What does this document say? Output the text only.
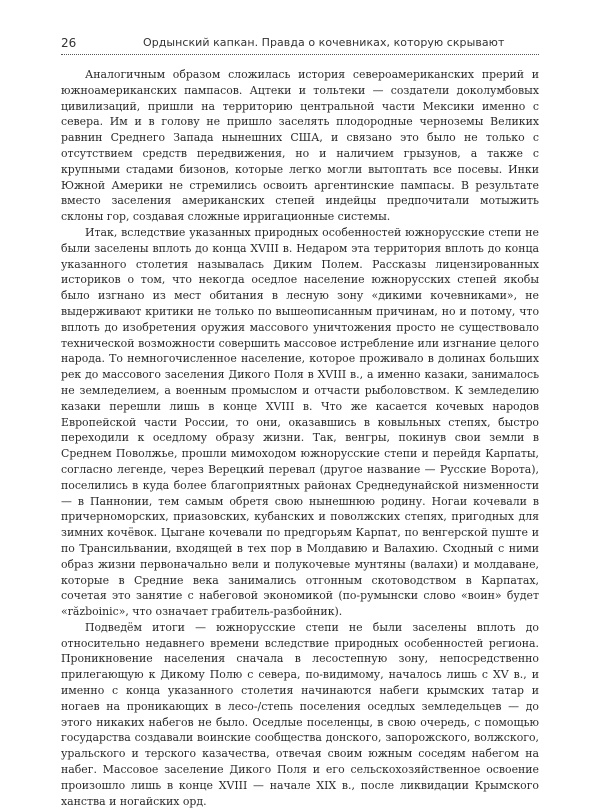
26	Ордынский капкан. Правда о кочевниках, которую скрывают

Аналогичным образом сложилась история североамериканских прерий и южноамериканских пампасов. Ацтеки и тольтеки — создатели доколумбовых цивилизаций, пришли на территорию центральной части Мексики именно с севера. Им и в голову не пришло заселять плодородные черноземы Великих равнин Среднего Запада нынешних США, и связано это было не только с отсутствием средств передвижения, но и наличием грызунов, а также с крупными стадами бизонов, которые легко могли вытоптать все посевы. Инки Южной Америки не стремились освоить аргентинские пампасы. В результате вместо заселения американских степей индейцы предпочитали мотыжить склоны гор, создавая сложные ирригационные системы.

Итак, вследствие указанных природных особенностей южнорусские степи не были заселены вплоть до конца XVIII в. Недаром эта территория вплоть до конца указанного столетия называлась Диким Полем. Рассказы лицензированных историков о том, что некогда оседлое население южнорусских степей якобы было изгнано из мест обитания в лесную зону «дикими кочевниками», не выдерживают критики не только по вышеописанным причинам, но и потому, что вплоть до изобретения оружия массового уничтожения просто не существовало технической возможности совершить массовое истребление или изгнание целого народа. То немногочисленное население, которое проживало в долинах больших рек до массового заселения Дикого Поля в XVIII в., а именно казаки, занималось не земледелием, а военным промыслом и отчасти рыболовством. К земледелию казаки перешли лишь в конце XVIII в. Что же касается кочевых народов Европейской части России, то они, оказавшись в ковыльных степях, быстро переходили к оседлому образу жизни. Так, венгры, покинув свои земли в Среднем Поволжье, прошли мимоходом южнорусские степи и перейдя Карпаты, согласно легенде, через Верецкий перевал (другое название — Русские Ворота), поселились в куда более благоприятных районах Среднедунайской низменности — в Паннонии, тем самым обретя свою нынешнюю родину. Ногаи кочевали в причерноморских, приазовских, кубанских и поволжских степях, пригодных для зимних кочёвок. Цыгане кочевали по предгорьям Карпат, по венгерской пуште и по Трансильвании, входящей в тех пор в Молдавию и Валахию. Сходный с ними образ жизни первоначально вели и полукочевые мунтяны (валахи) и молдаване, которые в Средние века занимались отгонным скотоводством в Карпатах, сочетая это занятие с набеговой экономикой (по-румынски слово «воин» будет «războinic», что означает грабитель-разбойник).

Подведём итоги — южнорусские степи не были заселены вплоть до относительно недавнего времени вследствие природных особенностей региона. Проникновение населения сначала в лесостепную зону, непосредственно прилегающую к Дикому Полю с севера, по-видимому, началось лишь с XV в., и именно с конца указанного столетия начинаются набеги крымских татар и ногаев на проникающих в лесо-/степь поселения оседлых земледельцев — до этого никаких набегов не было. Оседлые поселенцы, в свою очередь, с помощью государства создавали воинские сообщества донского, запорожского, волжского, уральского и терского казачества, отвечая своим южным соседям набегом на набег. Массовое заселение Дикого Поля и его сельскохозяйственное освоение произошло лишь в конце XVIII — начале XIX в., после ликвидации Крымского ханства и ногайских орд.
